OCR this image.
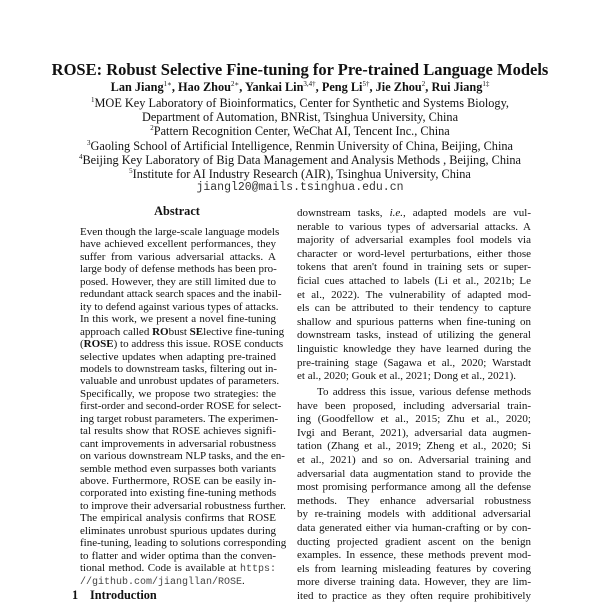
ROSE: Robust Selective Fine-tuning for Pre-trained Language Models
Lan Jiang$^{1∗}$, Hao Zhou$^{2∗}$, Yankai Lin$^{3,4\dagger}$, Peng $Li^{5\dagger}$, Jie Zhou$^2$, Rui Jiang$^{1\ddagger}$
$^1$MOE Key Laboratory of Bioinformatics, Center for Synthetic and Systems Biology,
Department of Automation, BNRist, Tsinghua University, China
$^2$Pattern Recognition Center, WeChat AI, Tencent Inc., China
$^3$Gaoling School of Artificial Intelligence, Renmin University of China, Beijing, China
$^4$Beijing Key Laboratory of Big Data Management and Analysis Methods , Beijing, China
$^5$Institute for AI Industry Research (AIR), Tsinghua University, China
jiangl20@mails.tsinghua.edu.cn
Abstract
Even though the large-scale language models
have achieved excellent performances, they
suffer from various adversarial attacks. A
large body of defense methods has been pro-
posed. However, they are still limited due to
redundant attack search spaces and the inabil-
ity to defend against various types of attacks.
In this work, we present a novel fine-tuning
approach called RObust SElective fine-tuning
(ROSE) to address this issue. ROSE conducts
selective updates when adapting pre-trained
models to downstream tasks, filtering out in-
valuable and unrobust updates of parameters.
Specifically, we propose two strategies: the
first-order and second-order ROSE for select-
ing target robust parameters. The experimen-
tal results show that ROSE achieves signifi-
cant improvements in adversarial robustness
on various downstream NLP tasks, and the en-
semble method even surpasses both variants
above. Furthermore, ROSE can be easily in-
corporated into existing fine-tuning methods
to improve their adversarial robustness further.
The empirical analysis confirms that ROSE
eliminates unrobust spurious updates during
fine-tuning, leading to solutions corresponding
to flatter and wider optima than the conven-
tional method. Code is available at https:
//github.com/jiangllan/ROSE.
downstream tasks, i.e., adapted models are vul-
nerable to various types of adversarial attacks. A
majority of adversarial examples fool models via
character or word-level perturbations, either those
tokens that aren't found in training sets or super-
ficial cues attached to labels (Li et al., 2021b; Le
et al., 2022). The vulnerability of adapted mod-
els can be attributed to their tendency to capture
shallow and spurious patterns when fine-tuning on
downstream tasks, instead of utilizing the general
linguistic knowledge they have learned during the
pre-training stage (Sagawa et al., 2020; Warstadt
et al., 2020; Gouk et al., 2021; Dong et al., 2021).
To address this issue, various defense methods
have been proposed, including adversarial train-
ing (Goodfellow et al., 2015; Zhu et al., 2020;
Ivgi and Berant, 2021), adversarial data augmen-
tation (Zhang et al., 2019; Zheng et al., 2020; Si
et al., 2021) and so on. Adversarial training and
adversarial data augmentation stand to provide the
most promising performance among all the defense
methods. They enhance adversarial robustness
by re-training models with additional adversarial
data generated either via human-crafting or by con-
ducting projected gradient ascent on the benign
examples. In essence, these methods prevent mod-
els from learning misleading features by covering
more diverse training data. However, they are lim-
ited to practice as they often require prohibitively
1 Introduction
